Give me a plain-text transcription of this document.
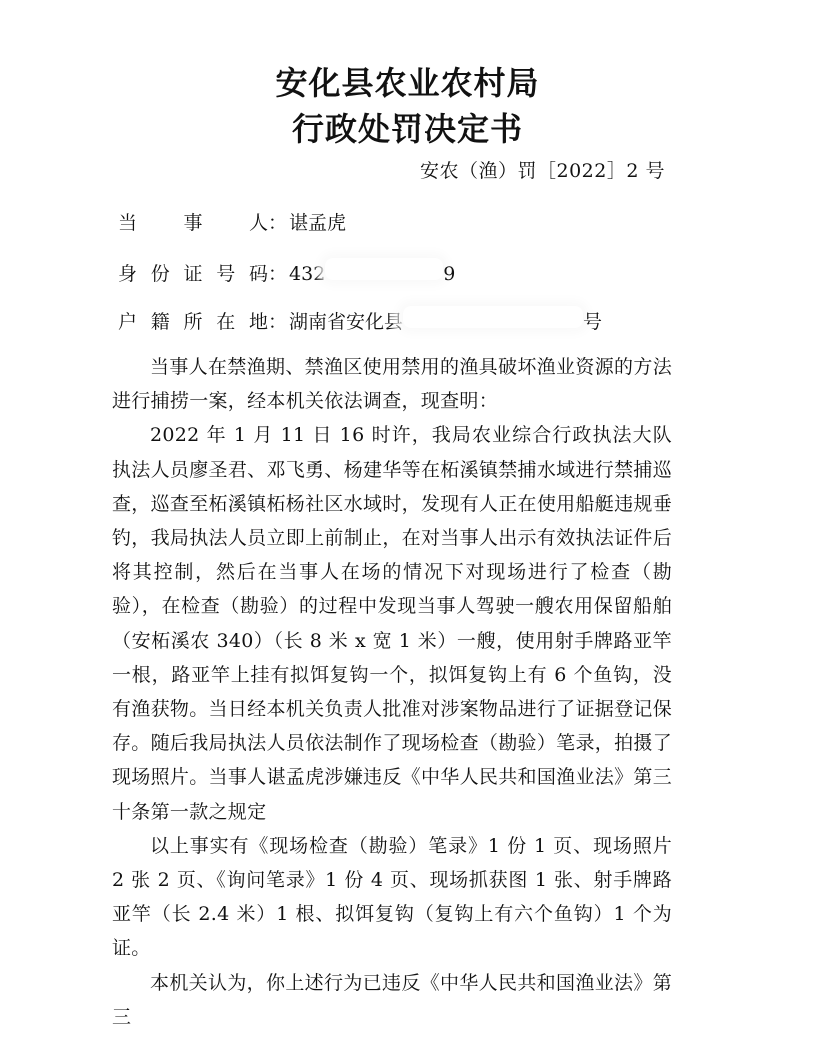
安化县农业农村局
行政处罚决定书
安农（渔）罚［2022］2 号
当事人 ： 谌孟虎
身份证号码 ： 432	9
户籍所在地 ： 湖南省安化县	号

当事人在禁渔期、禁渔区使用禁用的渔具破坏渔业资源的方法进行捕捞一案，经本机关依法调查，现查明：

2022 年 1 月 11 日 16 时许，我局农业综合行政执法大队执法人员廖圣君、邓飞勇、杨建华等在柘溪镇禁捕水域进行禁捕巡查，巡查至柘溪镇柘杨社区水域时，发现有人正在使用船艇违规垂钓，我局执法人员立即上前制止，在对当事人出示有效执法证件后将其控制，然后在当事人在场的情况下对现场进行了检查（勘验），在检查（勘验）的过程中发现当事人驾驶一艘农用保留船舶（安柘溪农 340）（长 8 米 x 宽 1 米）一艘，使用射手牌路亚竿一根，路亚竿上挂有拟饵复钩一个，拟饵复钩上有 6 个鱼钩，没有渔获物。当日经本机关负责人批准对涉案物品进行了证据登记保存。随后我局执法人员依法制作了现场检查（勘验）笔录，拍摄了现场照片。当事人谌孟虎涉嫌违反《中华人民共和国渔业法》第三十条第一款之规定

以上事实有《现场检查（勘验）笔录》1 份 1 页、现场照片 2 张 2 页、《询问笔录》1 份 4 页、现场抓获图 1 张、射手牌路亚竿（长 2.4 米）1 根、拟饵复钩（复钩上有六个鱼钩）1 个为证。

本机关认为，你上述行为已违反《中华人民共和国渔业法》第三
